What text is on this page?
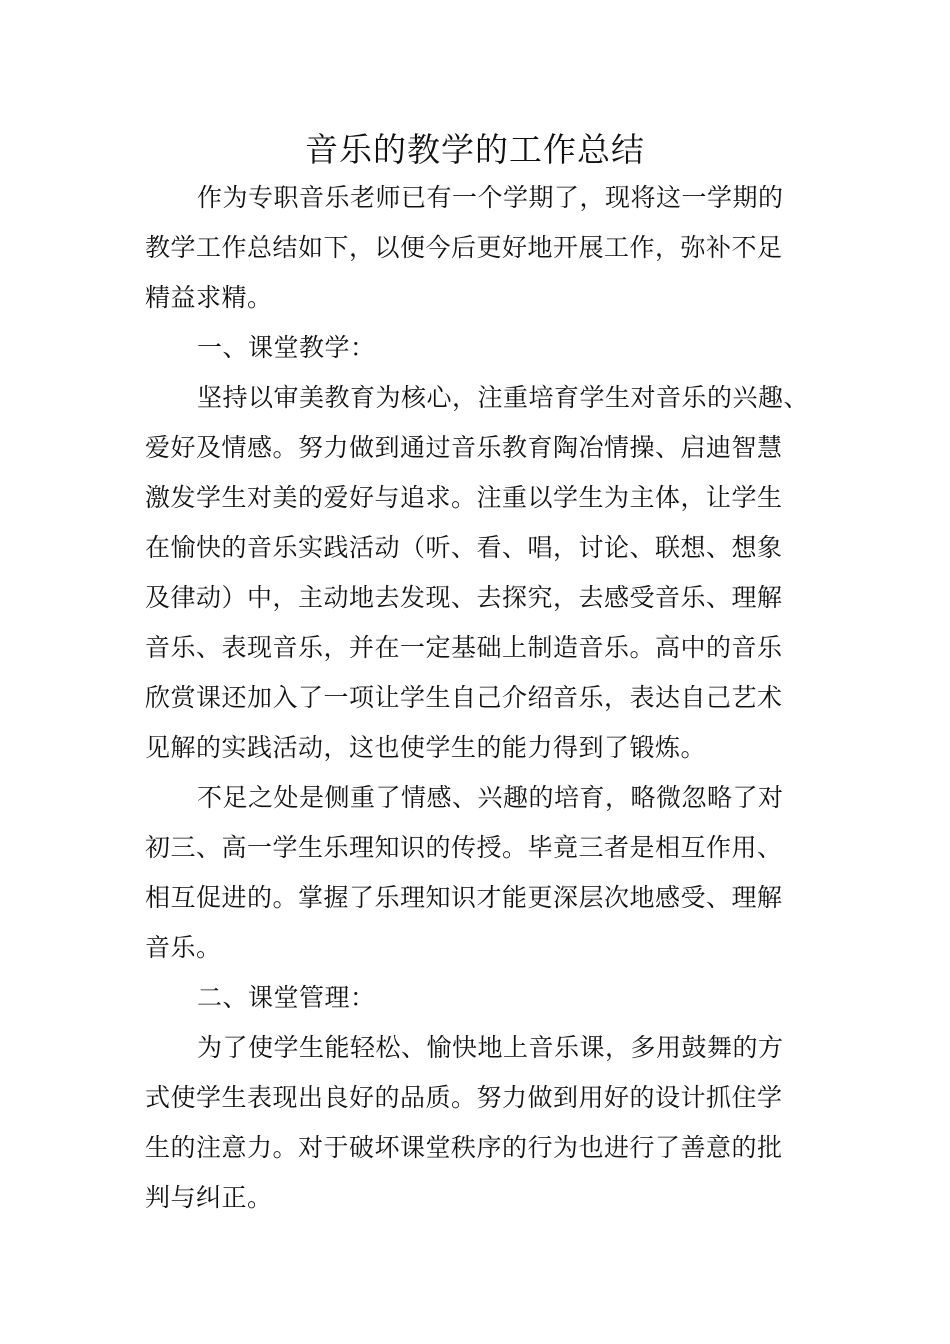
音乐的教学的工作总结
作为专职音乐老师已有一个学期了，现将这一学期的
教学工作总结如下，以便今后更好地开展工作，弥补不足
精益求精。
一、课堂教学：
坚持以审美教育为核心，注重培育学生对音乐的兴趣、
爱好及情感。努力做到通过音乐教育陶冶情操、启迪智慧
激发学生对美的爱好与追求。注重以学生为主体，让学生
在愉快的音乐实践活动（听、看、唱，讨论、联想、想象
及律动）中，主动地去发现、去探究，去感受音乐、理解
音乐、表现音乐，并在一定基础上制造音乐。高中的音乐
欣赏课还加入了一项让学生自己介绍音乐，表达自己艺术
见解的实践活动，这也使学生的能力得到了锻炼。
不足之处是侧重了情感、兴趣的培育，略微忽略了对
初三、高一学生乐理知识的传授。毕竟三者是相互作用、
相互促进的。掌握了乐理知识才能更深层次地感受、理解
音乐。
二、课堂管理：
为了使学生能轻松、愉快地上音乐课，多用鼓舞的方
式使学生表现出良好的品质。努力做到用好的设计抓住学
生的注意力。对于破坏课堂秩序的行为也进行了善意的批
判与纠正。
